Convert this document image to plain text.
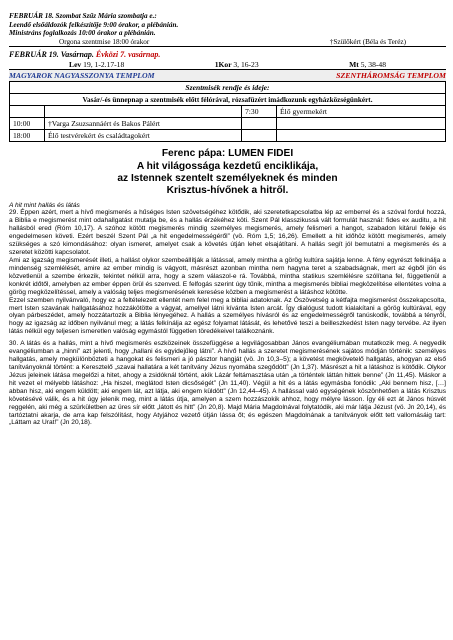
FEBRUÁR 18. Szombat Szűz Mária szombatja e.:
Leendő elsőáldozók felkészítője 9:00 órakor, a plébánián.
Ministráns foglalkozás 10:00 órakor a plébánián.
Orgona szentmise 18:00 órakor	†Szülőkért (Béla és Teréz)
FEBRUÁR 19. Vasárnap. Évközi 7. vasárnap.
Lev 19, 1-2.17-18	1Kor 3, 16-23	Mt 5, 38-48
MAGYAROK NAGYASSZONYA TEMPLOM	SZENTHÁROMSÁG TEMPLOM
Szentmisék rendje és ideje:			
Vasár/-és ünnepnap a szentmisék előtt félórával, rózsafüzért imádkozunk egyházközségünkért.			
		7:30	Élő gyermekért
10:00	†Varga Zsuzsannáért és Bakos Pálért		
18:00	Élő testvérekért és családtagokért		
Ferenc pápa: LUMEN FIDEI
A hit világossága kezdetű enciklikája,
az Istennek szentelt személyeknek és minden
Krisztus-hívőnek a hitről.

A hit mint hallás és látás

29. Éppen azért, mert a hívő megismerés a hűséges Isten szövetségéhez kötődik, aki szeretetkapcsolatba lép az emberrel és a szóval fordul hozzá, a Biblia e megismerést mint odahallgatást mutatja be, és a hallás érzékéhez köti. Szent Pál klasszikussá vált formulát használ: fides ex auditu, a hit hallásból ered (Róm 10,17). A szóhoz kötött megismerés mindig személyes megismerés, amely felismeri a hangot, szabadon kitárul feléje és engedelmesen követi. Ezért beszél Szent Pál „a hit engedelmességéről” (vö. Róm 1,5; 16,26). Emellett a hit időhöz kötött megismerés, amely szükséges a szó kimondásához: olyan ismeret, amelyet csak a követés útján lehet elsajátítani. A hallás segít jól bemutatni a megismerés és a szeretet közötti kapcsolatot.

Ami az igazság megismerését illeti, a hallást olykor szembeállítják a látással, amely mintha a görög kultúra sajátja lenne. A fény egyrészt felkínálja a mindenség szemlélését, amire az ember mindig is vágyott, másrészt azonban mintha nem hagyna teret a szabadságnak, mert az égből jön és közvetlenül a szembe érkezik, tekintet nélkül arra, hogy a szem válaszol-e rá. Továbbá, mintha statikus szemlélésre szólítana fel, függetlenül a konkrét időtől, amelyben az ember éppen örül és szenved. E felfogás szerint úgy tűnik, mintha a megismerés bibliai megközelítése ellentétes volna a görög megközelítéssel, amely a valóság teljes megismerésének keresése közben a megismerést a látáshoz kötötte.

Ezzel szemben nyilvánvaló, hogy ez a feltételezett ellentét nem felel meg a bibliai adatoknak. Az Ószövetség a kétfajta megismerést összekapcsolta, mert Isten szavának hallgatásához hozzákötötte a vágyat, amellyel látni kívánta Isten arcát. Így dialógust tudott kialakítani a görög kultúrával, egy olyan párbeszédet, amely hozzátartozik a Biblia lényegéhez. A hallás a személyes hívásról és az engedelmességről tanúskodik, továbbá a tényről, hogy az igazság az időben nyilvánul meg; a látás felkínálja az egész folyamat látását, és lehetővé teszi a beilleszkedést Isten nagy tervébe. Az ilyen látás nélkül egy teljesen ismeretlen valóság egymástól független töredékeivel találkoznánk.

30. A látás és a hallás, mint a hívő megismerés eszközeinek összefüggése a legvilágosabban János evangéliumában mutatkozik meg. A negyedik evangéliumban a „hinni” azt jelenti, hogy „hallani és egyidejűleg látni”. A hívő hallás a szeretet megismerésének sajátos módján történik: személyes hallgatás, amely megkülönbözteti a hangokat és felismeri a jó pásztor hangját (vö. Jn 10,3–5); a követést megkövetelő hallgatás, ahogyan az első tanítványoknál történt: a Keresztelő „szavai hallatára a két tanítvány Jézus nyomába szegődött” (Jn 1,37). Másrészt a hit a látáshoz is kötődik. Olykor Jézus jeleinek látása megelőzi a hitet, ahogy a zsidóknál történt, akik Lázár feltámasztása után „a történtek láttán hittek benne” (Jn 11,45). Máskor a hit vezet el mélyebb látáshoz: „Ha hiszel, meglátod Isten dicsőségét” (Jn 11,40). Végül a hit és a látás egymásba fonódik: „Aki bennem hisz, […] abban hisz, aki engem küldött; aki engem lát, azt látja, aki engem küldött” (Jn 12,44–45). A hallással való egységének köszönhetően a látás Krisztus követésévé válik, és a hit úgy jelenik meg, mint a látás útja, amelyen a szem hozzászokik ahhoz, hogy mélyre lásson. Így éli ezt át János húsvét reggelén, aki még a szürkületben az üres sír előtt „látott és hitt” (Jn 20,8). Majd Mária Magdolnával folytatódik, aki már látja Jézust (vö. Jn 20,14), és tartóztatni akarja, de arra kap felszólítást, hogy Atyjához vezető útján lássa őt; és egészen Magdolnának a tanítványok előtt tett vallomásáig tart: „Láttam az Urat!” (Jn 20,18).
